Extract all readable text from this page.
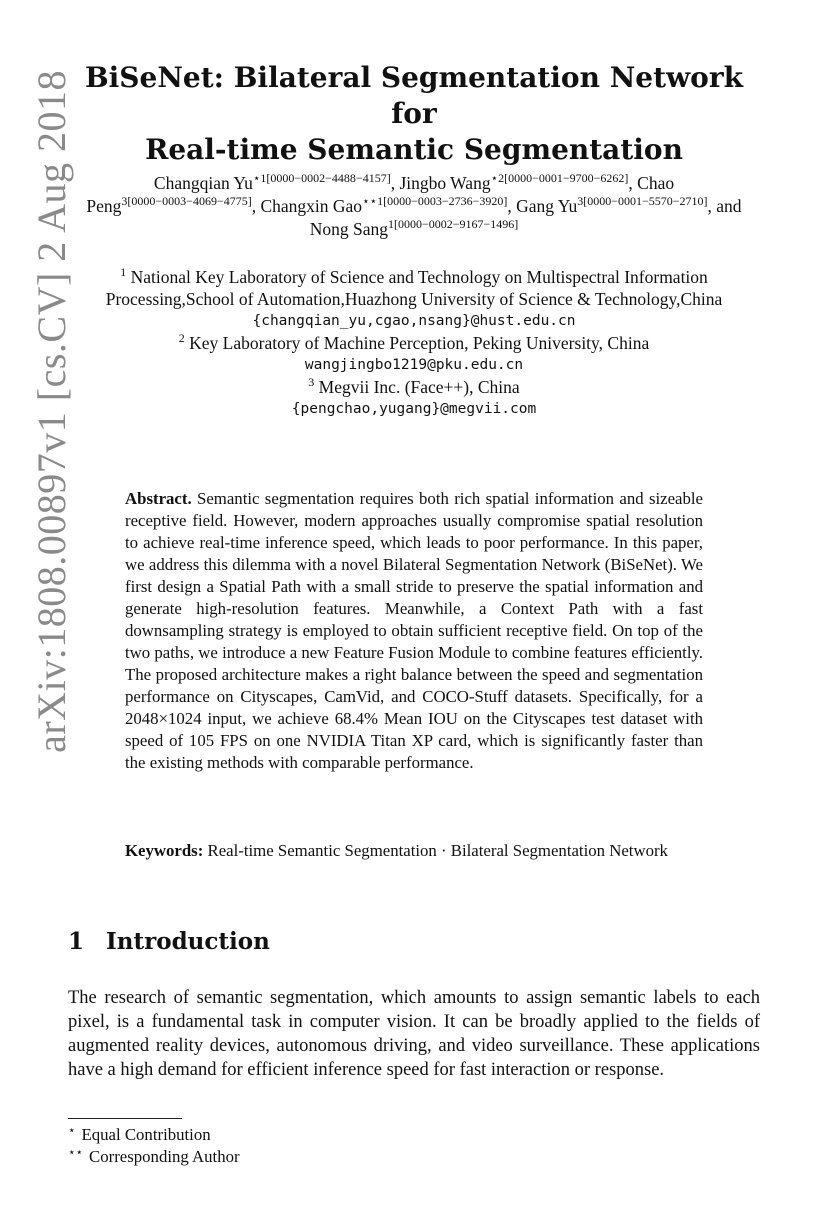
arXiv:1808.00897v1 [cs.CV] 2 Aug 2018 BiSeNet: Bilateral Segmentation Network for
Real-time Semantic Segmentation
Changqian $Yu^{⋆1[0000-0002-4488-4157]}$, Jingbo Wang$^{⋆2[0000-0001-9700-6262]}$, Chao Peng$^{3[0000-0003-4069-4775]}$, Changxin Gao$^{⋆⋆1[0000-0003-2736-3920]}$, Gang $Yu^{3[0000-0001-5570-2710]}$, and Nong Sang$^{1[0000-0002-9167-1496]}$
$^1$ National Key Laboratory of Science and Technology on Multispectral Information
Processing,School of Automation,Huazhong University of Science & Technology,China
{changqian_yu,cgao,nsang}@hust.edu.cn
$^2$ Key Laboratory of Machine Perception, Peking University, China
wangjingbo1219@pku.edu.cn
$^3$ Megvii Inc. (Face++), China
{pengchao,yugang}@megvii.com
Abstract. Semantic segmentation requires both rich spatial information and sizeable receptive field. However, modern approaches usually compromise spatial resolution to achieve real-time inference speed, which leads to poor performance. In this paper, we address this dilemma with a novel Bilateral Segmentation Network (BiSeNet). We first design a Spatial Path with a small stride to preserve the spatial information and generate high-resolution features. Meanwhile, a Context Path with a fast downsampling strategy is employed to obtain sufficient receptive field. On top of the two paths, we introduce a new Feature Fusion Module to combine features efficiently. The proposed architecture makes a right balance between the speed and segmentation performance on Cityscapes, CamVid, and COCO-Stuff datasets. Specifically, for a 2048×1024 input, we achieve 68.4% Mean IOU on the Cityscapes test dataset with speed of 105 FPS on one NVIDIA Titan XP card, which is significantly faster than the existing methods with comparable performance.
Keywords: Real-time Semantic Segmentation · Bilateral Segmentation Network
1 Introduction
The research of semantic segmentation, which amounts to assign semantic labels to each pixel, is a fundamental task in computer vision. It can be broadly applied to the fields of augmented reality devices, autonomous driving, and video surveillance. These applications have a high demand for efficient inference speed for fast interaction or response.
⋆ Equal Contribution
⋆⋆ Corresponding Author
